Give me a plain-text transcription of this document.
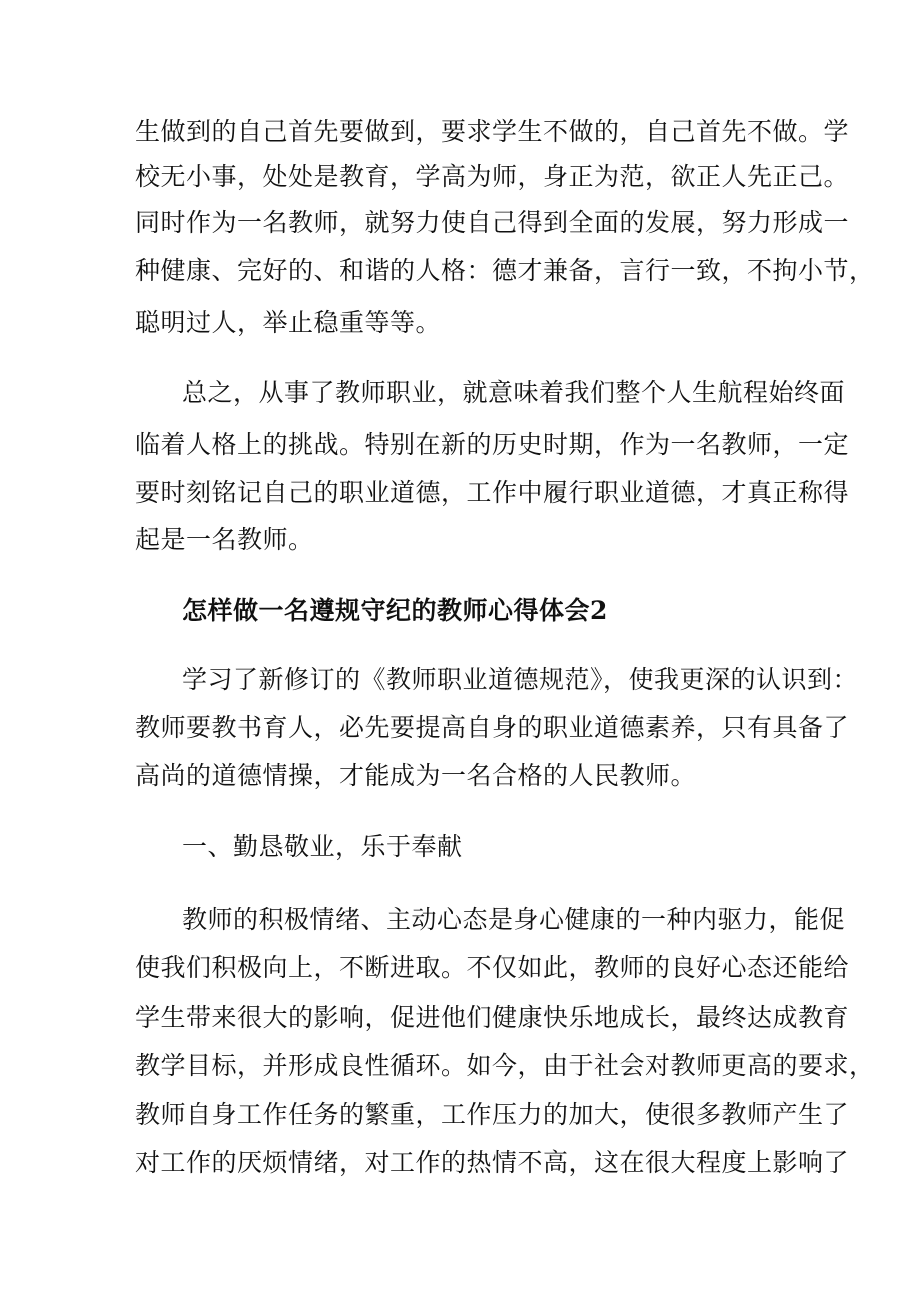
生做到的自己首先要做到，要求学生不做的，自己首先不做。学

校无小事，处处是教育，学高为师，身正为范，欲正人先正己。

同时作为一名教师，就努力使自己得到全面的发展，努力形成一

种健康、完好的、和谐的人格：德才兼备，言行一致，不拘小节，

聪明过人，举止稳重等等。

总之，从事了教师职业，就意味着我们整个人生航程始终面

临着人格上的挑战。特别在新的历史时期，作为一名教师，一定

要时刻铭记自己的职业道德，工作中履行职业道德，才真正称得

起是一名教师。

怎样做一名遵规守纪的教师心得体会2

学习了新修订的《教师职业道德规范》，使我更深的认识到：

教师要教书育人，必先要提高自身的职业道德素养，只有具备了

高尚的道德情操，才能成为一名合格的人民教师。

一、勤恳敬业，乐于奉献

教师的积极情绪、主动心态是身心健康的一种内驱力，能促

使我们积极向上，不断进取。不仅如此，教师的良好心态还能给

学生带来很大的影响，促进他们健康快乐地成长，最终达成教育

教学目标，并形成良性循环。如今，由于社会对教师更高的要求，

教师自身工作任务的繁重，工作压力的加大，使很多教师产生了

对工作的厌烦情绪，对工作的热情不高，这在很大程度上影响了
